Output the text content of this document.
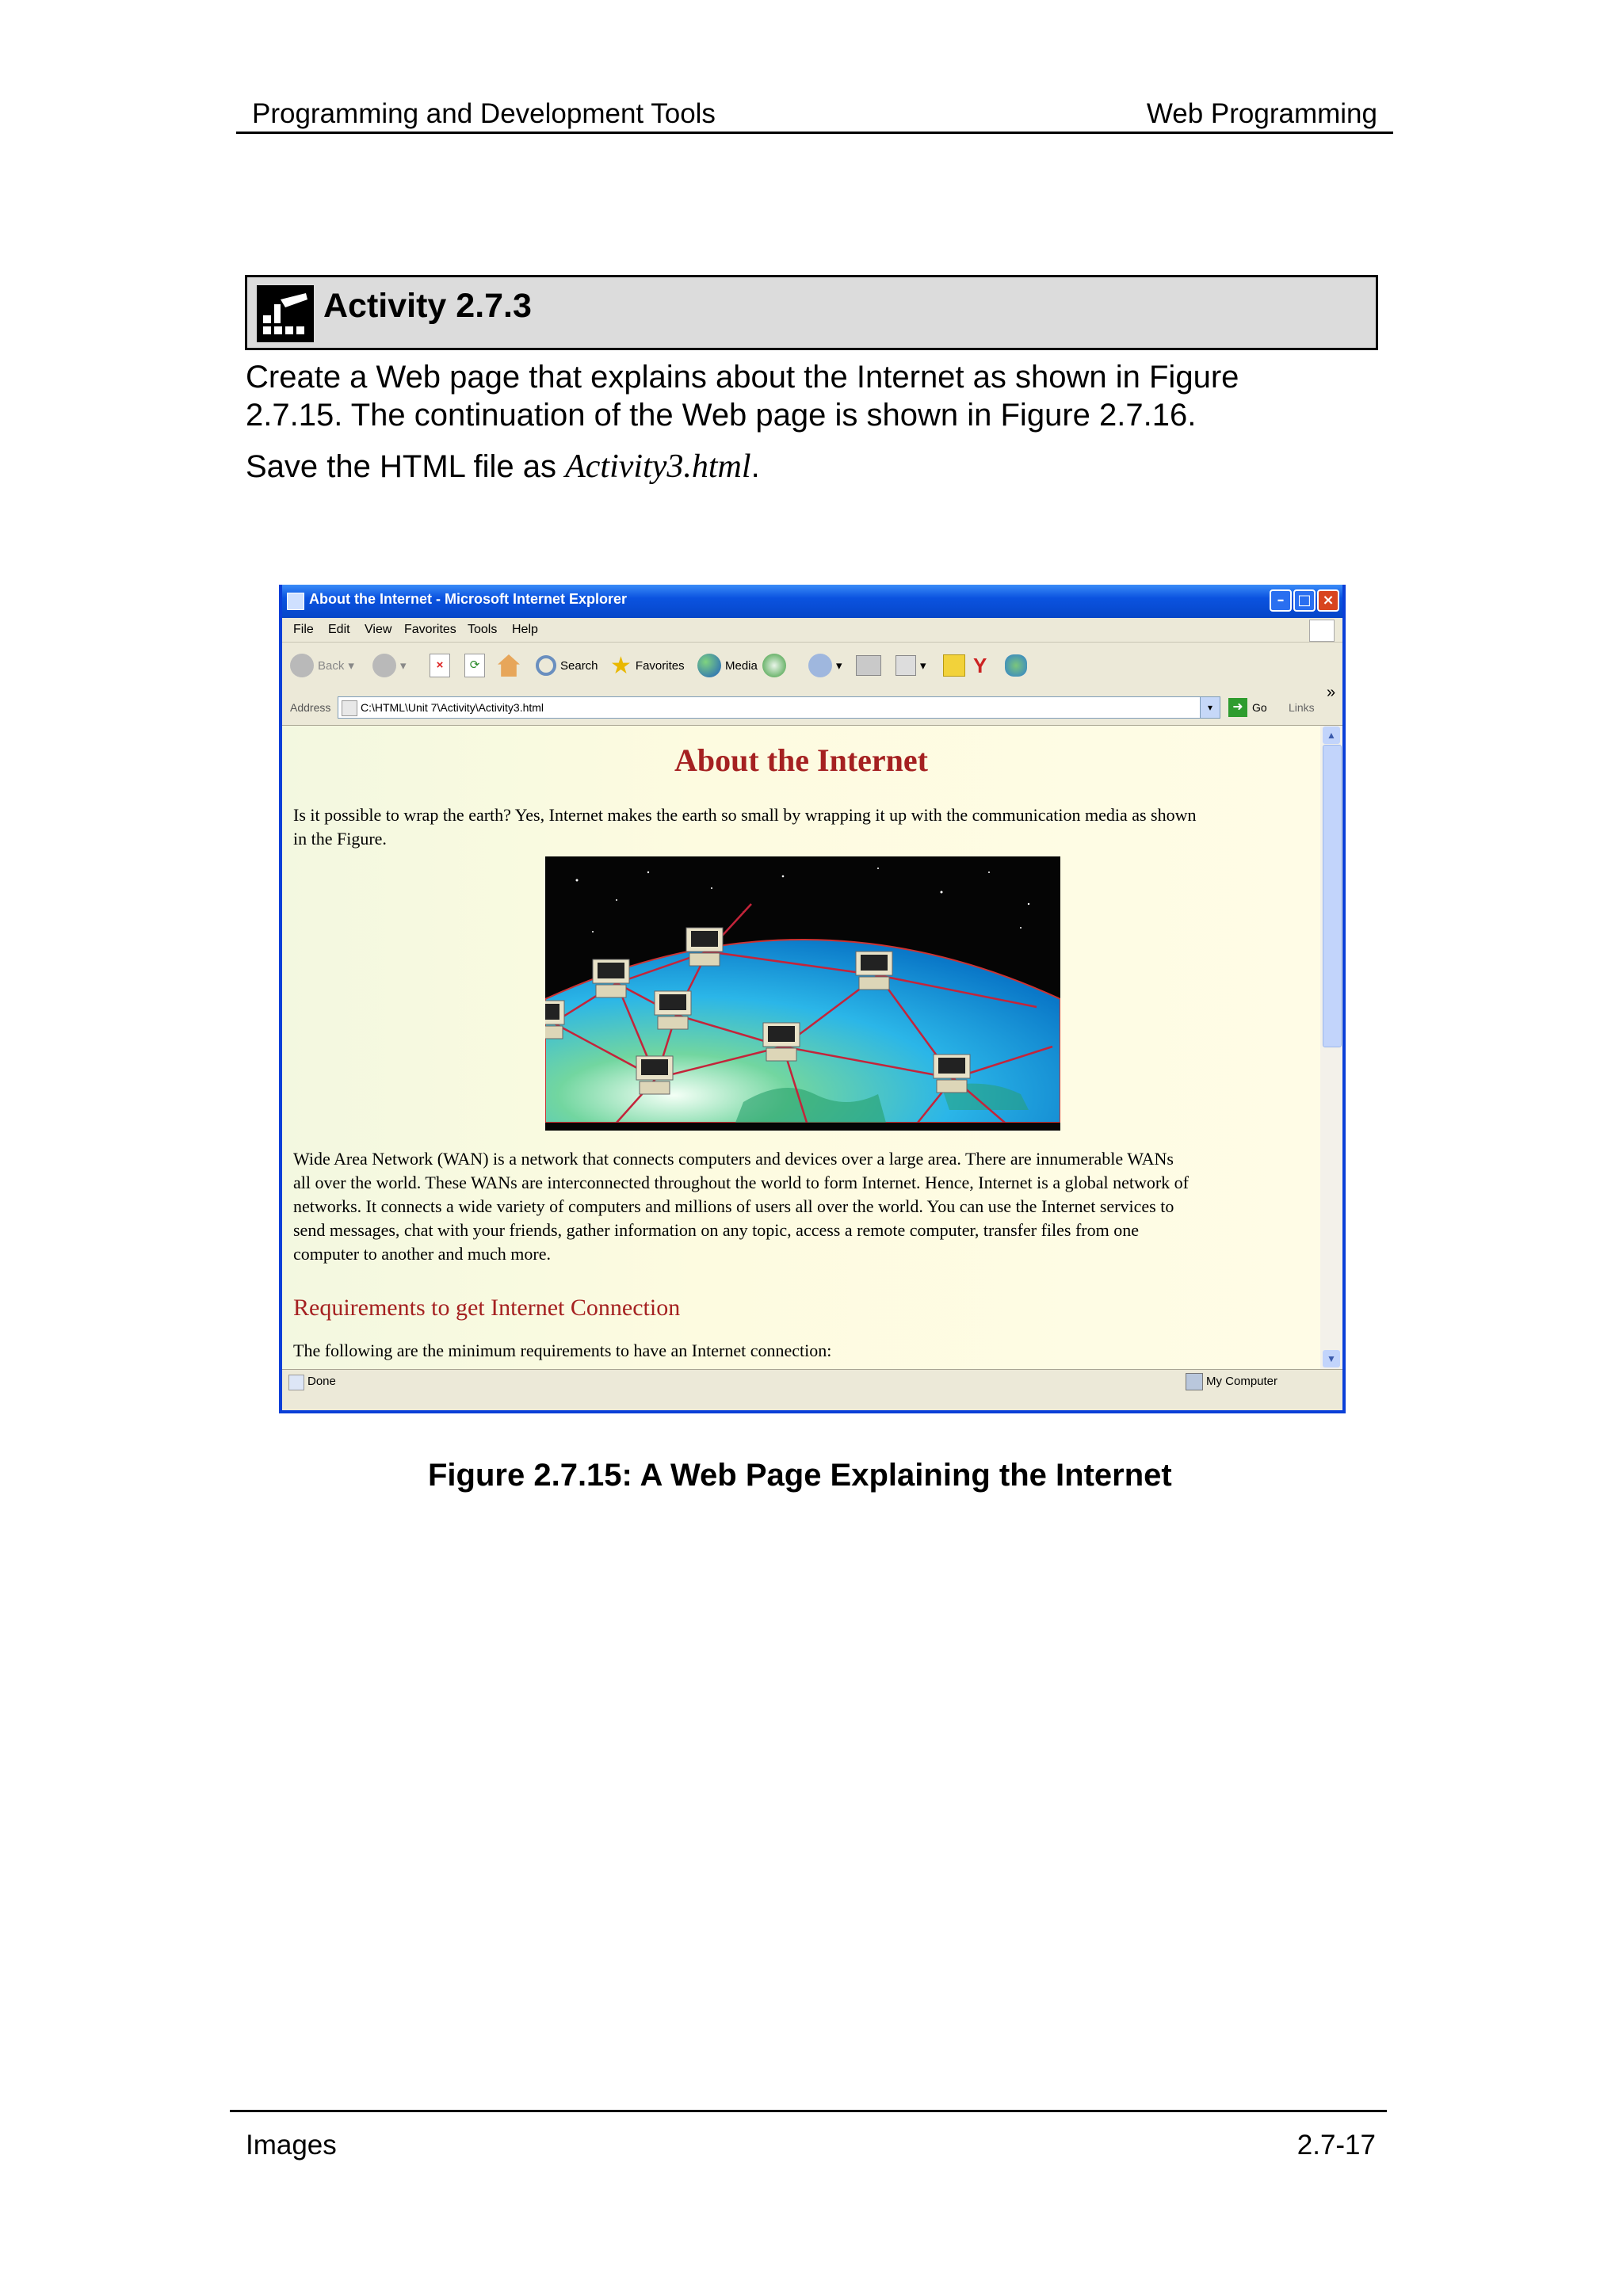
Programming and Development Tools	Web Programming
Activity 2.7.3
Create a Web page that explains about the Internet as shown in Figure
2.7.15. The continuation of the Web page is shown in Figure 2.7.16.
Save the HTML file as Activity3.html.
About the Internet - Microsoft Internet Explorer	– □ ×
File Edit View Favorites Tools Help
Back ▾	▾	×	⟳	Search ★ Favorites	Media	▾	▾ Y
Address	C:\HTML\Unit 7\Activity\Activity3.html	▾	➜ Go Links
»
About the Internet
Is it possible to wrap the earth? Yes, Internet makes the earth so small by wrapping it up with the communication media as shown
in the Figure.
Wide Area Network (WAN) is a network that connects computers and devices over a large area. There are innumerable WANs
all over the world. These WANs are interconnected throughout the world to form Internet. Hence, Internet is a global network of
networks. It connects a wide variety of computers and millions of users all over the world. You can use the Internet services to
send messages, chat with your friends, gather information on any topic, access a remote computer, transfer files from one
computer to another and much more.
Requirements to get Internet Connection
The following are the minimum requirements to have an Internet connection:
▲
▼
Done	My Computer
Figure 2.7.15: A Web Page Explaining the Internet
Images	2.7-17
